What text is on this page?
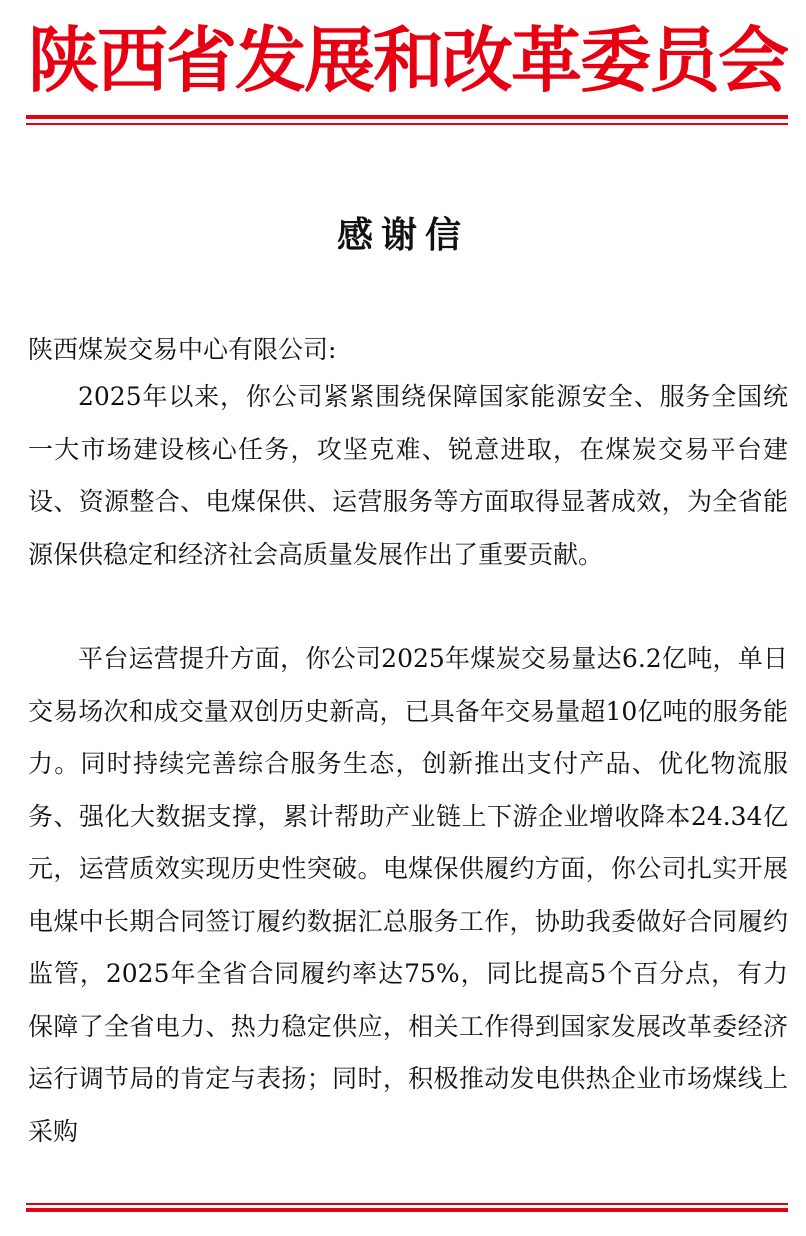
陕西省发展和改革委员会
感谢信

陕西煤炭交易中心有限公司:

2025年以来，你公司紧紧围绕保障国家能源安全、服务全国统一大市场建设核心任务，攻坚克难、锐意进取，在煤炭交易平台建设、资源整合、电煤保供、运营服务等方面取得显著成效，为全省能源保供稳定和经济社会高质量发展作出了重要贡献。

平台运营提升方面，你公司2025年煤炭交易量达6.2亿吨，单日交易场次和成交量双创历史新高，已具备年交易量超10亿吨的服务能力。同时持续完善综合服务生态，创新推出支付产品、优化物流服务、强化大数据支撑，累计帮助产业链上下游企业增收降本24.34亿元，运营质效实现历史性突破。电煤保供履约方面，你公司扎实开展电煤中长期合同签订履约数据汇总服务工作，协助我委做好合同履约监管，2025年全省合同履约率达75%，同比提高5个百分点，有力保障了全省电力、热力稳定供应，相关工作得到国家发展改革委经济运行调节局的肯定与表扬；同时，积极推动发电供热企业市场煤线上采购
